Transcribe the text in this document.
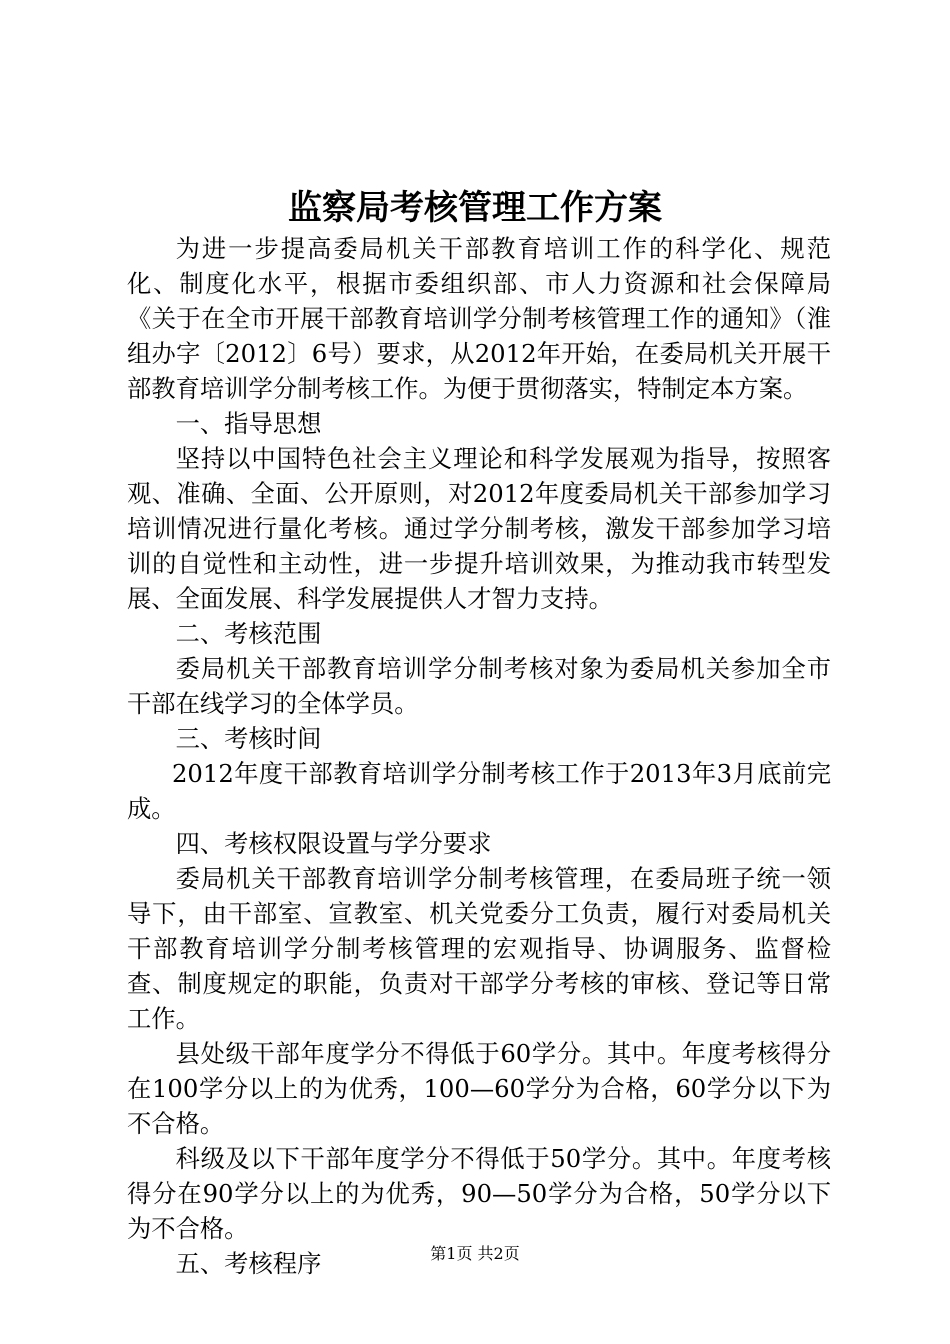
监察局考核管理工作方案

为进一步提高委局机关干部教育培训工作的科学化、规范化、制度化水平，根据市委组织部、市人力资源和社会保障局《关于在全市开展干部教育培训学分制考核管理工作的通知》（淮组办字〔2012〕6号）要求，从2012年开始，在委局机关开展干部教育培训学分制考核工作。为便于贯彻落实，特制定本方案。

一、指导思想

坚持以中国特色社会主义理论和科学发展观为指导，按照客观、准确、全面、公开原则，对2012年度委局机关干部参加学习培训情况进行量化考核。通过学分制考核，激发干部参加学习培训的自觉性和主动性，进一步提升培训效果，为推动我市转型发展、全面发展、科学发展提供人才智力支持。

二、考核范围

委局机关干部教育培训学分制考核对象为委局机关参加全市干部在线学习的全体学员。

三、考核时间

2012年度干部教育培训学分制考核工作于2013年3月底前完成。

四、考核权限设置与学分要求

委局机关干部教育培训学分制考核管理，在委局班子统一领导下，由干部室、宣教室、机关党委分工负责，履行对委局机关干部教育培训学分制考核管理的宏观指导、协调服务、监督检查、制度规定的职能，负责对干部学分考核的审核、登记等日常工作。

县处级干部年度学分不得低于60学分。其中。年度考核得分在100学分以上的为优秀，100—60学分为合格，60学分以下为不合格。

科级及以下干部年度学分不得低于50学分。其中。年度考核得分在90学分以上的为优秀，90—50学分为合格，50学分以下为不合格。

五、考核程序	第1页 共2页
